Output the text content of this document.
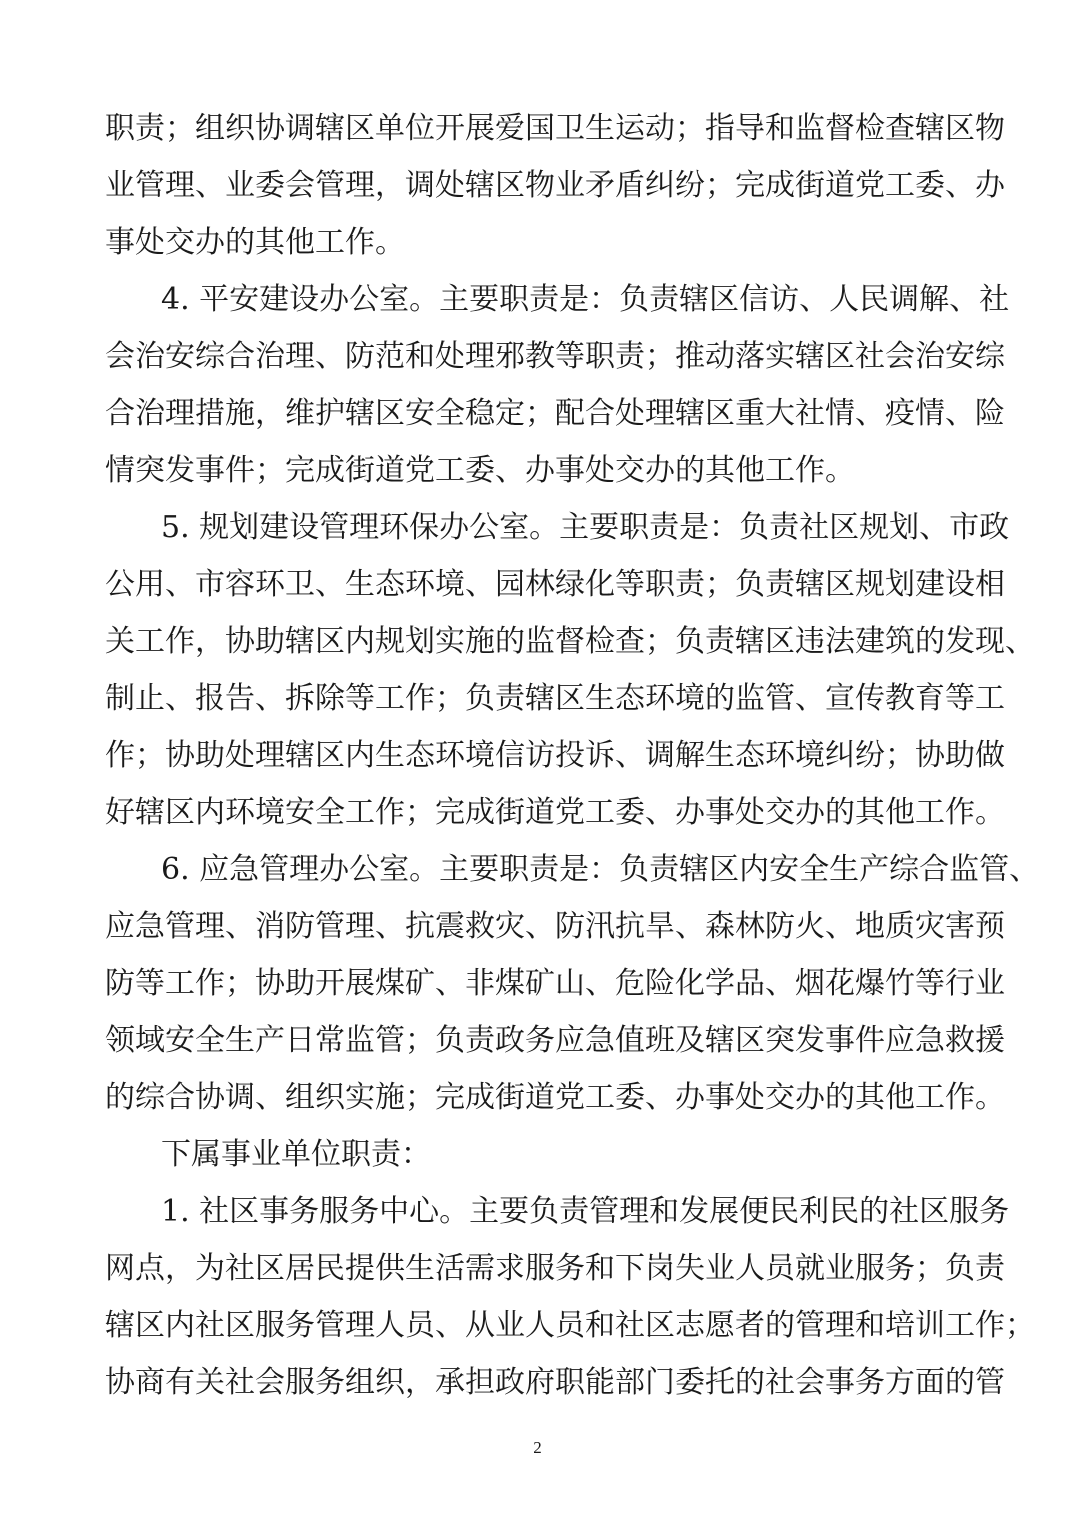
职责；组织协调辖区单位开展爱国卫生运动；指导和监督检查辖区物
业管理、业委会管理，调处辖区物业矛盾纠纷；完成街道党工委、办
事处交办的其他工作。
4. 平安建设办公室。主要职责是：负责辖区信访、人民调解、社
会治安综合治理、防范和处理邪教等职责；推动落实辖区社会治安综
合治理措施，维护辖区安全稳定；配合处理辖区重大社情、疫情、险
情突发事件；完成街道党工委、办事处交办的其他工作。
5. 规划建设管理环保办公室。主要职责是：负责社区规划、市政
公用、市容环卫、生态环境、园林绿化等职责；负责辖区规划建设相
关工作，协助辖区内规划实施的监督检查；负责辖区违法建筑的发现、
制止、报告、拆除等工作；负责辖区生态环境的监管、宣传教育等工
作；协助处理辖区内生态环境信访投诉、调解生态环境纠纷；协助做
好辖区内环境安全工作；完成街道党工委、办事处交办的其他工作。
6. 应急管理办公室。主要职责是：负责辖区内安全生产综合监管、
应急管理、消防管理、抗震救灾、防汛抗旱、森林防火、地质灾害预
防等工作；协助开展煤矿、非煤矿山、危险化学品、烟花爆竹等行业
领域安全生产日常监管；负责政务应急值班及辖区突发事件应急救援
的综合协调、组织实施；完成街道党工委、办事处交办的其他工作。
下属事业单位职责：
1. 社区事务服务中心。主要负责管理和发展便民利民的社区服务
网点，为社区居民提供生活需求服务和下岗失业人员就业服务；负责
辖区内社区服务管理人员、从业人员和社区志愿者的管理和培训工作；
协商有关社会服务组织，承担政府职能部门委托的社会事务方面的管
2
